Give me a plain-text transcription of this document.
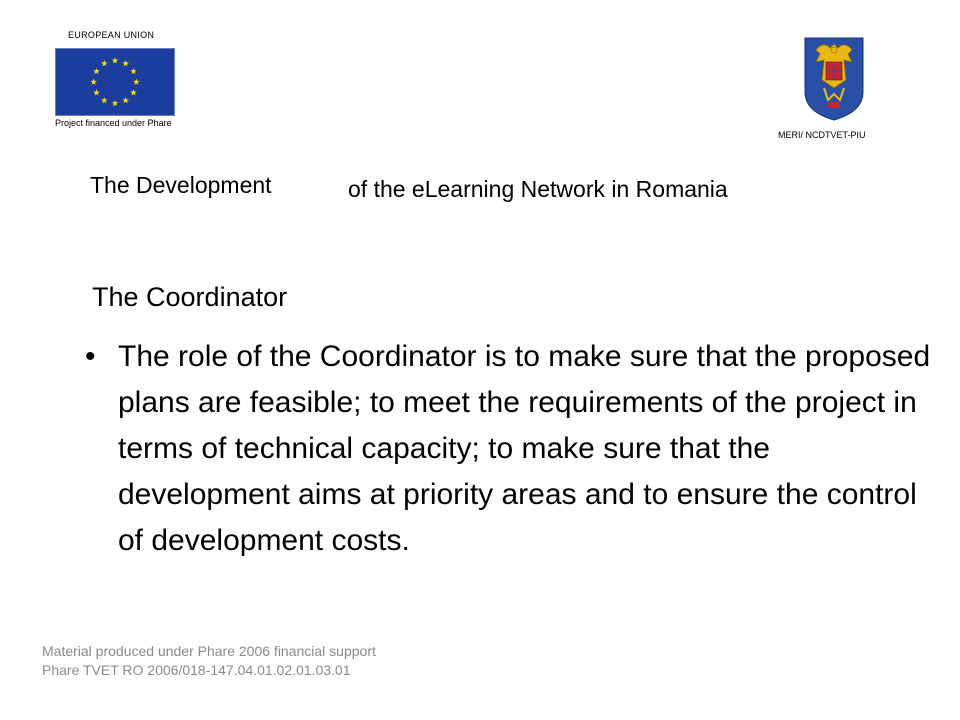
EUROPEAN UNION
Project financed under Phare
MERI/ NCDTVET-PIU
The Development	of the eLearning Network in Romania
The Coordinator
• The role of the Coordinator is to make sure that the proposed plans are feasible; to meet the requirements of the project in terms of technical capacity; to make sure that the development aims at priority areas and to ensure the control of development costs.
Material produced under Phare 2006 financial support
Phare TVET RO 2006/018-147.04.01.02.01.03.01
